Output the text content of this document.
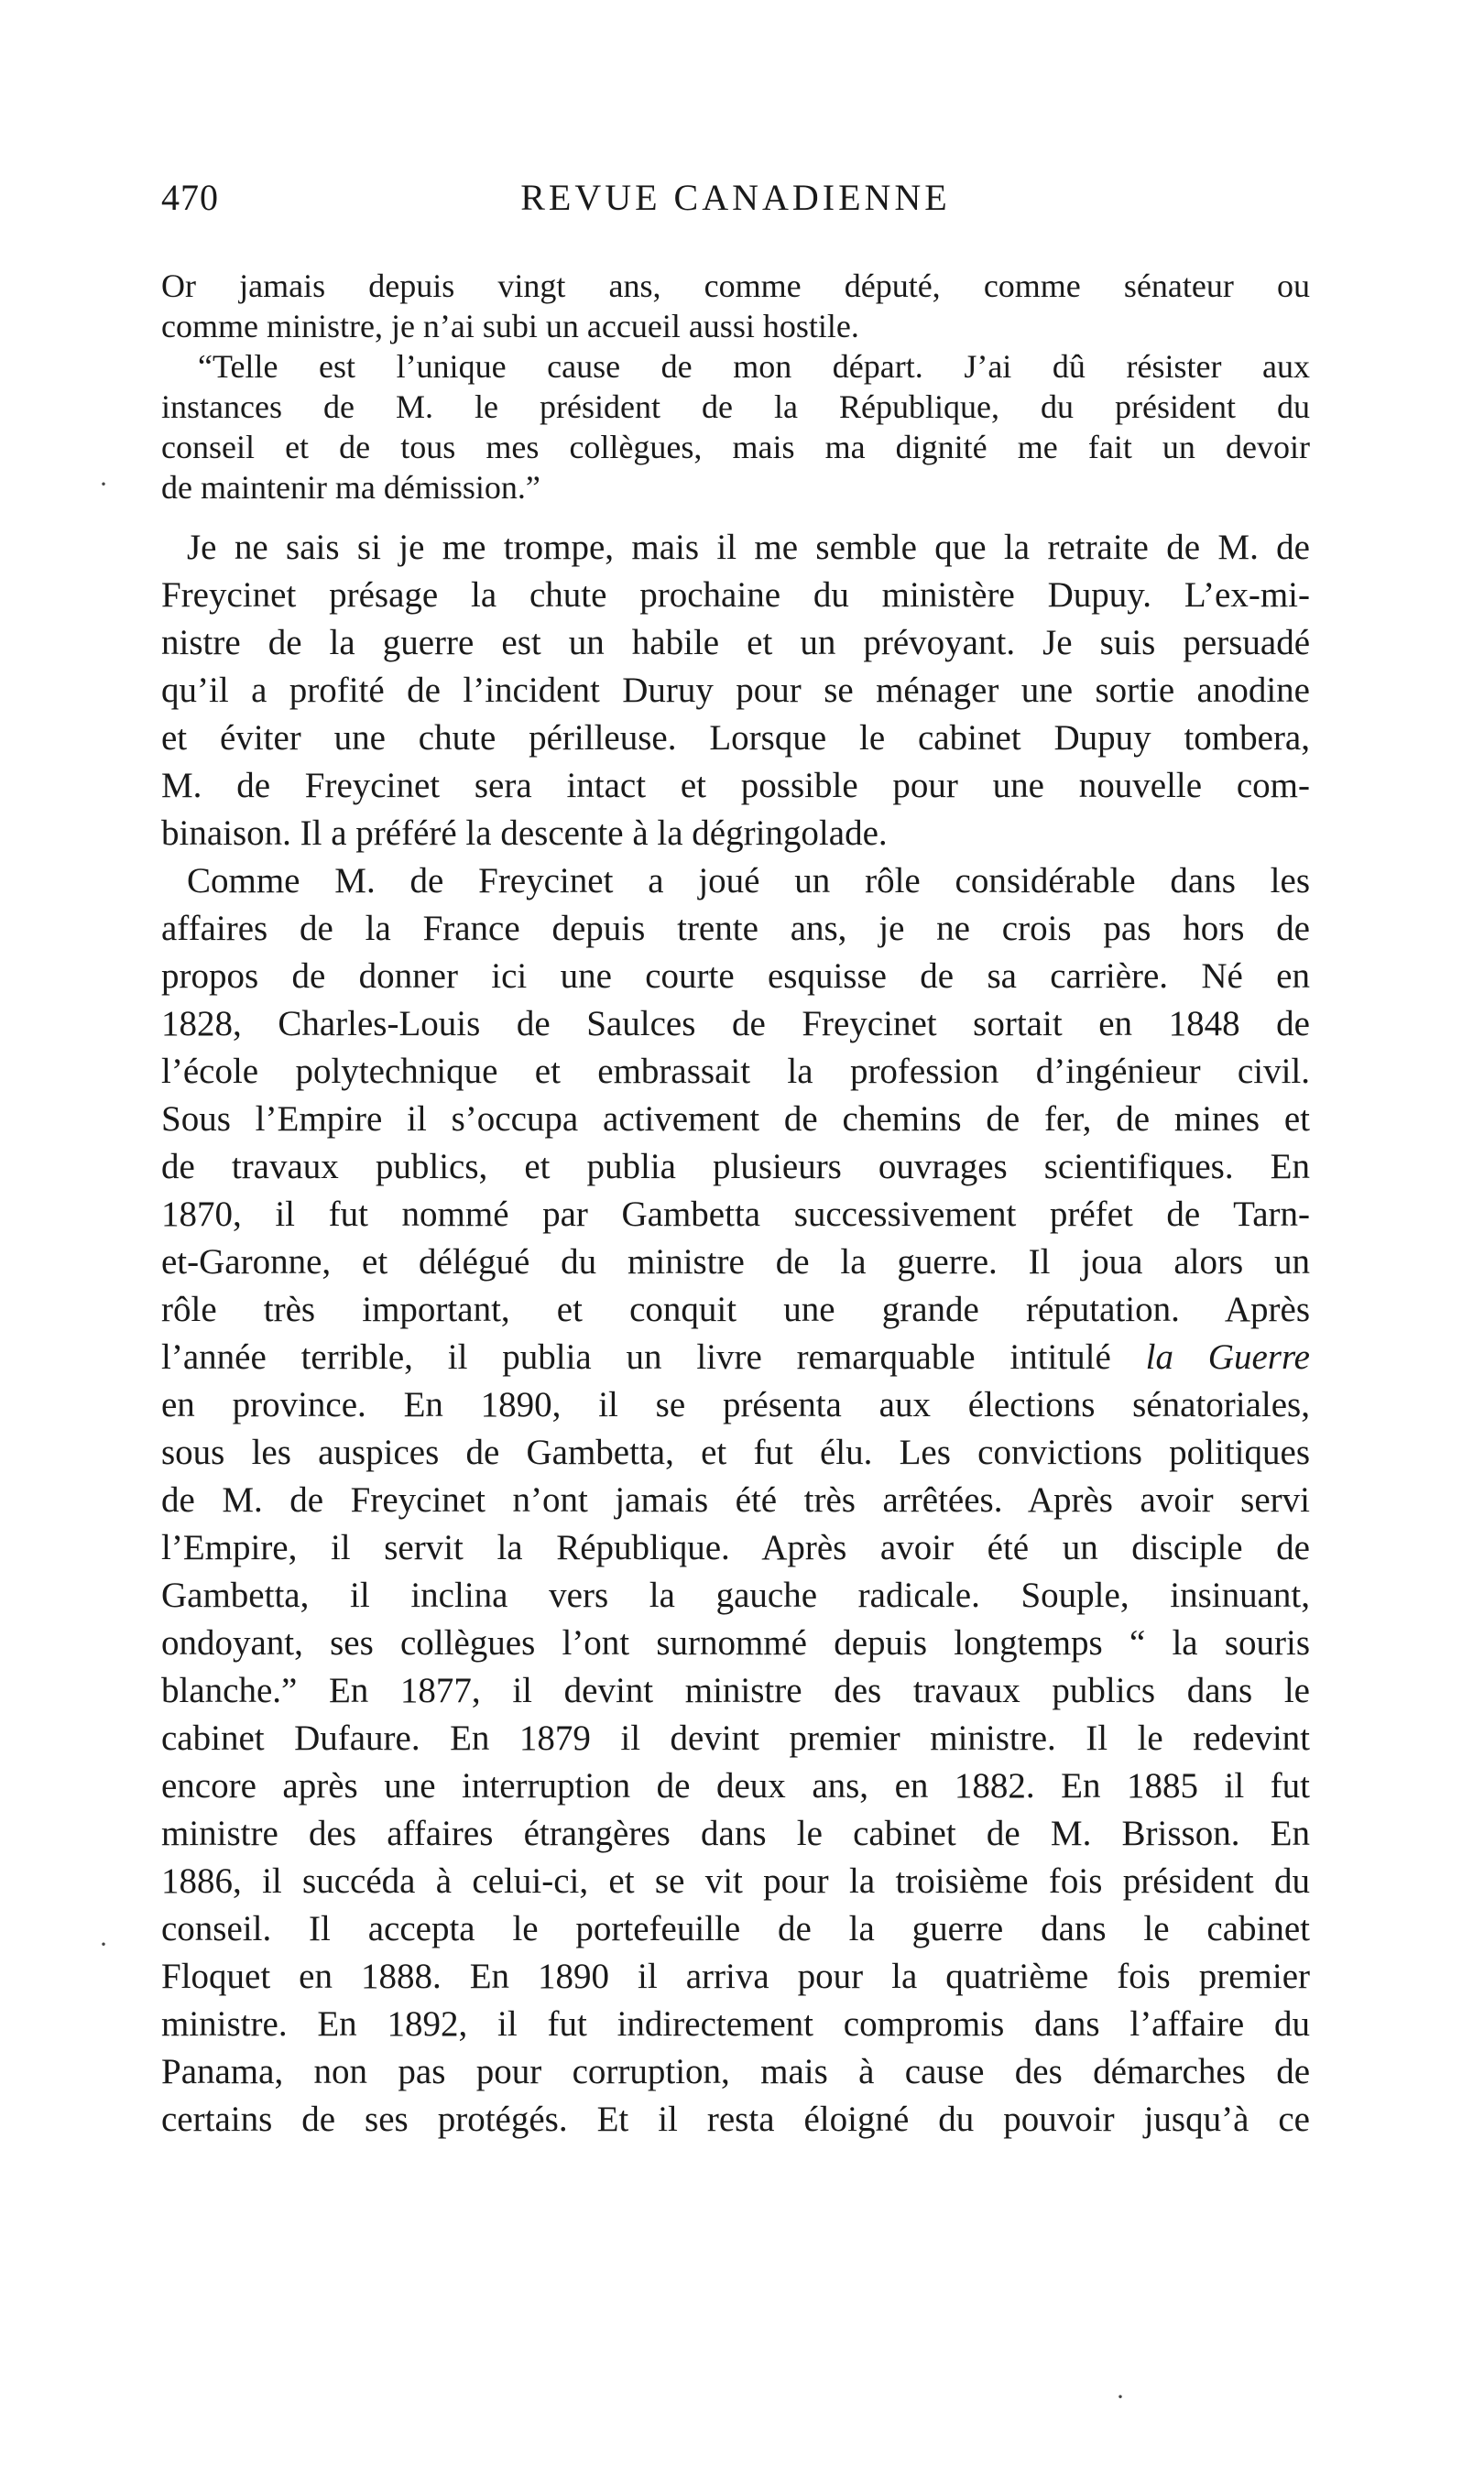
470	REVUE CANADIENNE
Or jamais depuis vingt ans, comme député, comme sénateur ou
comme ministre, je n’ai subi un accueil aussi hostile.
“Telle est l’unique cause de mon départ. J’ai dû résister aux
instances de M. le président de la République, du président du
conseil et de tous mes collègues, mais ma dignité me fait un devoir
de maintenir ma démission.”
Je ne sais si je me trompe, mais il me semble que la retraite de M. de
Freycinet présage la chute prochaine du ministère Dupuy. L’ex-mi-
nistre de la guerre est un habile et un prévoyant. Je suis persuadé
qu’il a profité de l’incident Duruy pour se ménager une sortie anodine
et éviter une chute périlleuse. Lorsque le cabinet Dupuy tombera,
M. de Freycinet sera intact et possible pour une nouvelle com-
binaison. Il a préféré la descente à la dégringolade.
Comme M. de Freycinet a joué un rôle considérable dans les
affaires de la France depuis trente ans, je ne crois pas hors de
propos de donner ici une courte esquisse de sa carrière. Né en
1828, Charles-Louis de Saulces de Freycinet sortait en 1848 de
l’école polytechnique et embrassait la profession d’ingénieur civil.
Sous l’Empire il s’occupa activement de chemins de fer, de mines et
de travaux publics, et publia plusieurs ouvrages scientifiques. En
1870, il fut nommé par Gambetta successivement préfet de Tarn-
et-Garonne, et délégué du ministre de la guerre. Il joua alors un
rôle très important, et conquit une grande réputation. Après
l’année terrible, il publia un livre remarquable intitulé la Guerre
en province. En 1890, il se présenta aux élections sénatoriales,
sous les auspices de Gambetta, et fut élu. Les convictions politiques
de M. de Freycinet n’ont jamais été très arrêtées. Après avoir servi
l’Empire, il servit la République. Après avoir été un disciple de
Gambetta, il inclina vers la gauche radicale. Souple, insinuant,
ondoyant, ses collègues l’ont surnommé depuis longtemps “ la souris
blanche.” En 1877, il devint ministre des travaux publics dans le
cabinet Dufaure. En 1879 il devint premier ministre. Il le redevint
encore après une interruption de deux ans, en 1882. En 1885 il fut
ministre des affaires étrangères dans le cabinet de M. Brisson. En
1886, il succéda à celui-ci, et se vit pour la troisième fois président du
conseil. Il accepta le portefeuille de la guerre dans le cabinet
Floquet en 1888. En 1890 il arriva pour la quatrième fois premier
ministre. En 1892, il fut indirectement compromis dans l’affaire du
Panama, non pas pour corruption, mais à cause des démarches de
certains de ses protégés. Et il resta éloigné du pouvoir jusqu’à ce
·
·
·
